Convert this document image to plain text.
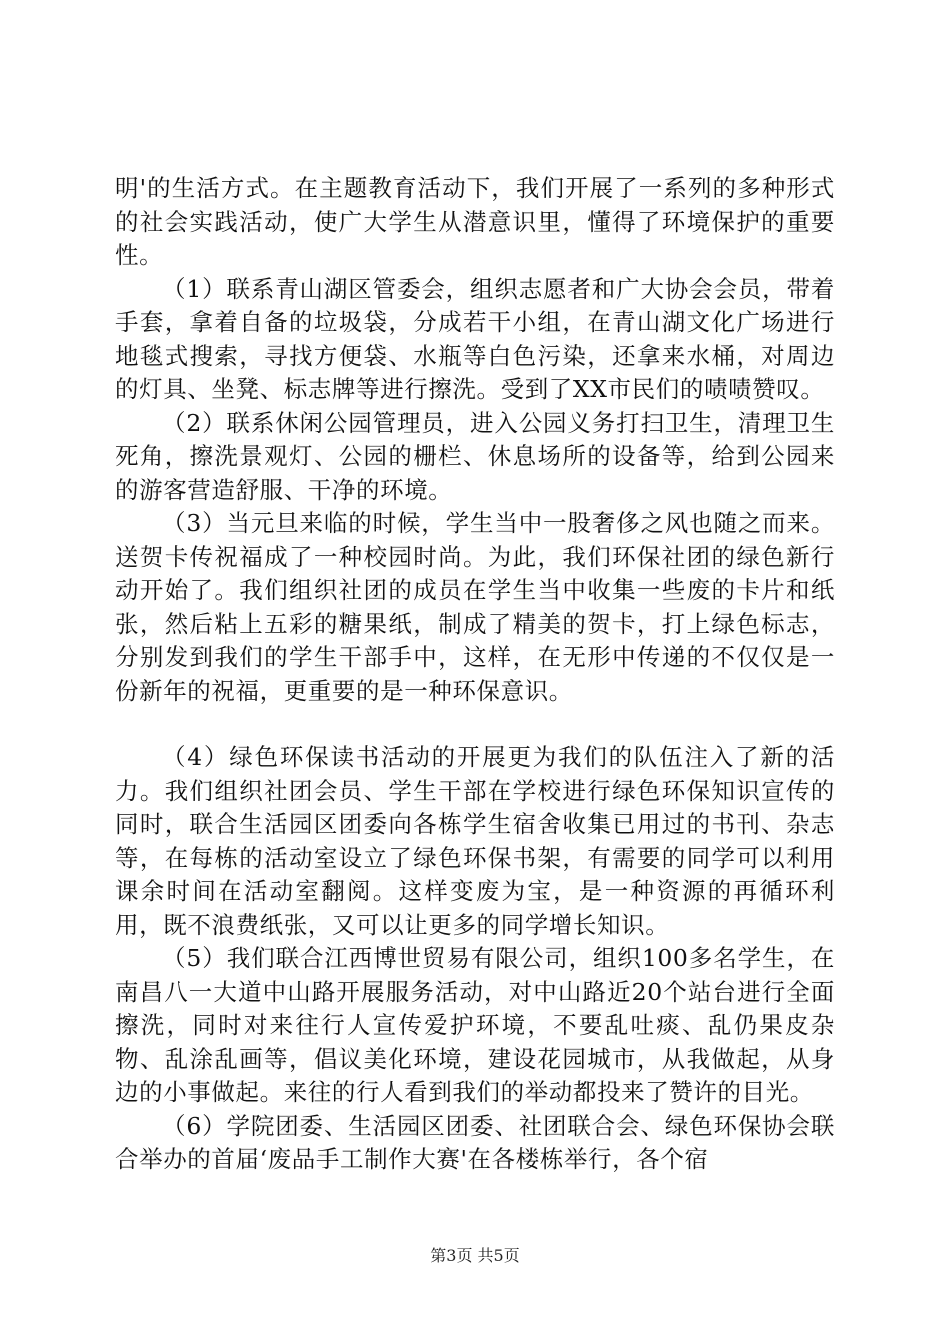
明'的生活方式。在主题教育活动下，我们开展了一系列的多种形式的社会实践活动，使广大学生从潜意识里，懂得了环境保护的重要性。

（1）联系青山湖区管委会，组织志愿者和广大协会会员，带着手套，拿着自备的垃圾袋，分成若干小组，在青山湖文化广场进行地毯式搜索，寻找方便袋、水瓶等白色污染，还拿来水桶，对周边的灯具、坐凳、标志牌等进行擦洗。受到了XX市民们的啧啧赞叹。

（2）联系休闲公园管理员，进入公园义务打扫卫生，清理卫生死角，擦洗景观灯、公园的栅栏、休息场所的设备等，给到公园来的游客营造舒服、干净的环境。

（3）当元旦来临的时候，学生当中一股奢侈之风也随之而来。送贺卡传祝福成了一种校园时尚。为此，我们环保社团的绿色新行动开始了。我们组织社团的成员在学生当中收集一些废的卡片和纸张，然后粘上五彩的糖果纸，制成了精美的贺卡，打上绿色标志，分别发到我们的学生干部手中，这样，在无形中传递的不仅仅是一份新年的祝福，更重要的是一种环保意识。

（4）绿色环保读书活动的开展更为我们的队伍注入了新的活力。我们组织社团会员、学生干部在学校进行绿色环保知识宣传的同时，联合生活园区团委向各栋学生宿舍收集已用过的书刊、杂志等，在每栋的活动室设立了绿色环保书架，有需要的同学可以利用课余时间在活动室翻阅。这样变废为宝，是一种资源的再循环利用，既不浪费纸张，又可以让更多的同学增长知识。

（5）我们联合江西博世贸易有限公司，组织100多名学生，在南昌八一大道中山路开展服务活动，对中山路近20个站台进行全面擦洗，同时对来往行人宣传爱护环境，不要乱吐痰、乱仍果皮杂物、乱涂乱画等，倡议美化环境，建设花园城市，从我做起，从身边的小事做起。来往的行人看到我们的举动都投来了赞许的目光。

（6）学院团委、生活园区团委、社团联合会、绿色环保协会联合举办的首届‘废品手工制作大赛'在各楼栋举行，各个宿

第3页 共5页
